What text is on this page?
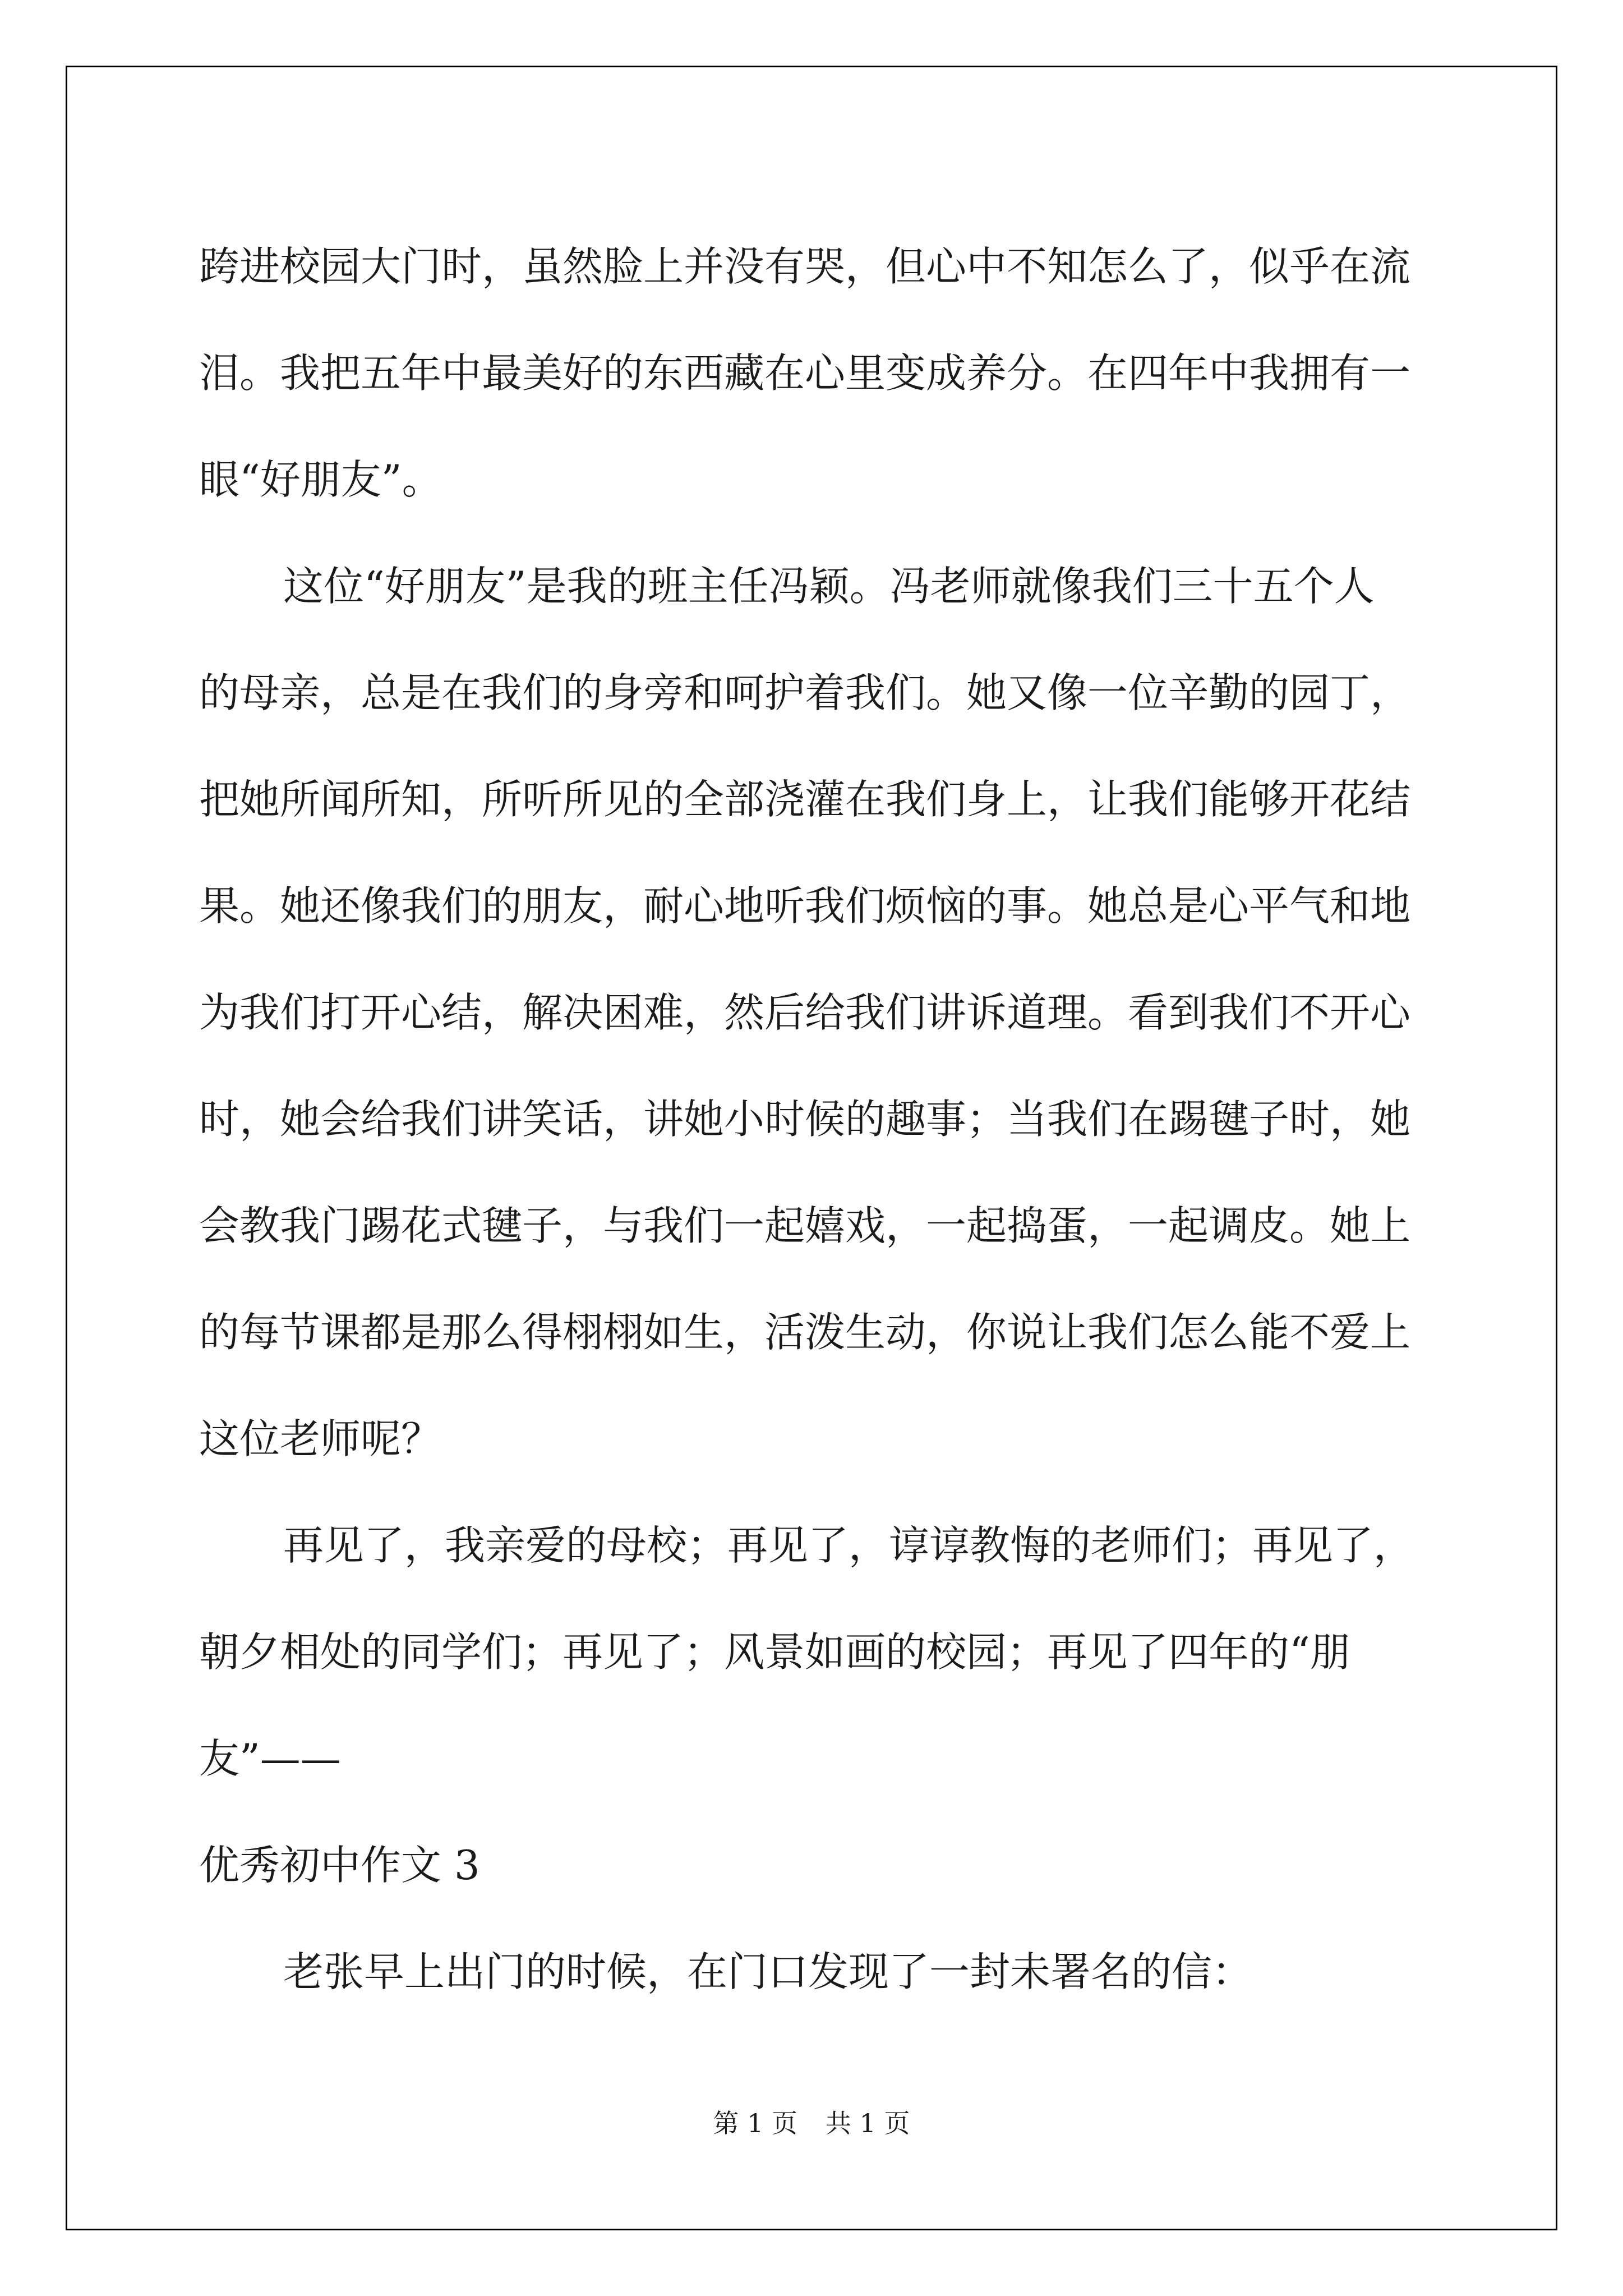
跨进校园大门时，虽然脸上并没有哭，但心中不知怎么了，似乎在流
泪。我把五年中最美好的东西藏在心里变成养分。在四年中我拥有一
眼“好朋友”。
这位“好朋友”是我的班主任冯颖。冯老师就像我们三十五个人
的母亲，总是在我们的身旁和呵护着我们。她又像一位辛勤的园丁，
把她所闻所知，所听所见的全部浇灌在我们身上，让我们能够开花结
果。她还像我们的朋友，耐心地听我们烦恼的事。她总是心平气和地
为我们打开心结，解决困难，然后给我们讲诉道理。看到我们不开心
时，她会给我们讲笑话，讲她小时候的趣事；当我们在踢毽子时，她
会教我门踢花式毽子，与我们一起嬉戏，一起捣蛋，一起调皮。她上
的每节课都是那么得栩栩如生，活泼生动，你说让我们怎么能不爱上
这位老师呢？
再见了，我亲爱的母校；再见了，谆谆教悔的老师们；再见了，
朝夕相处的同学们；再见了；风景如画的校园；再见了四年的“朋
友”——
优秀初中作文 3
老张早上出门的时候，在门口发现了一封未署名的信：
第 1 页 共 1 页
